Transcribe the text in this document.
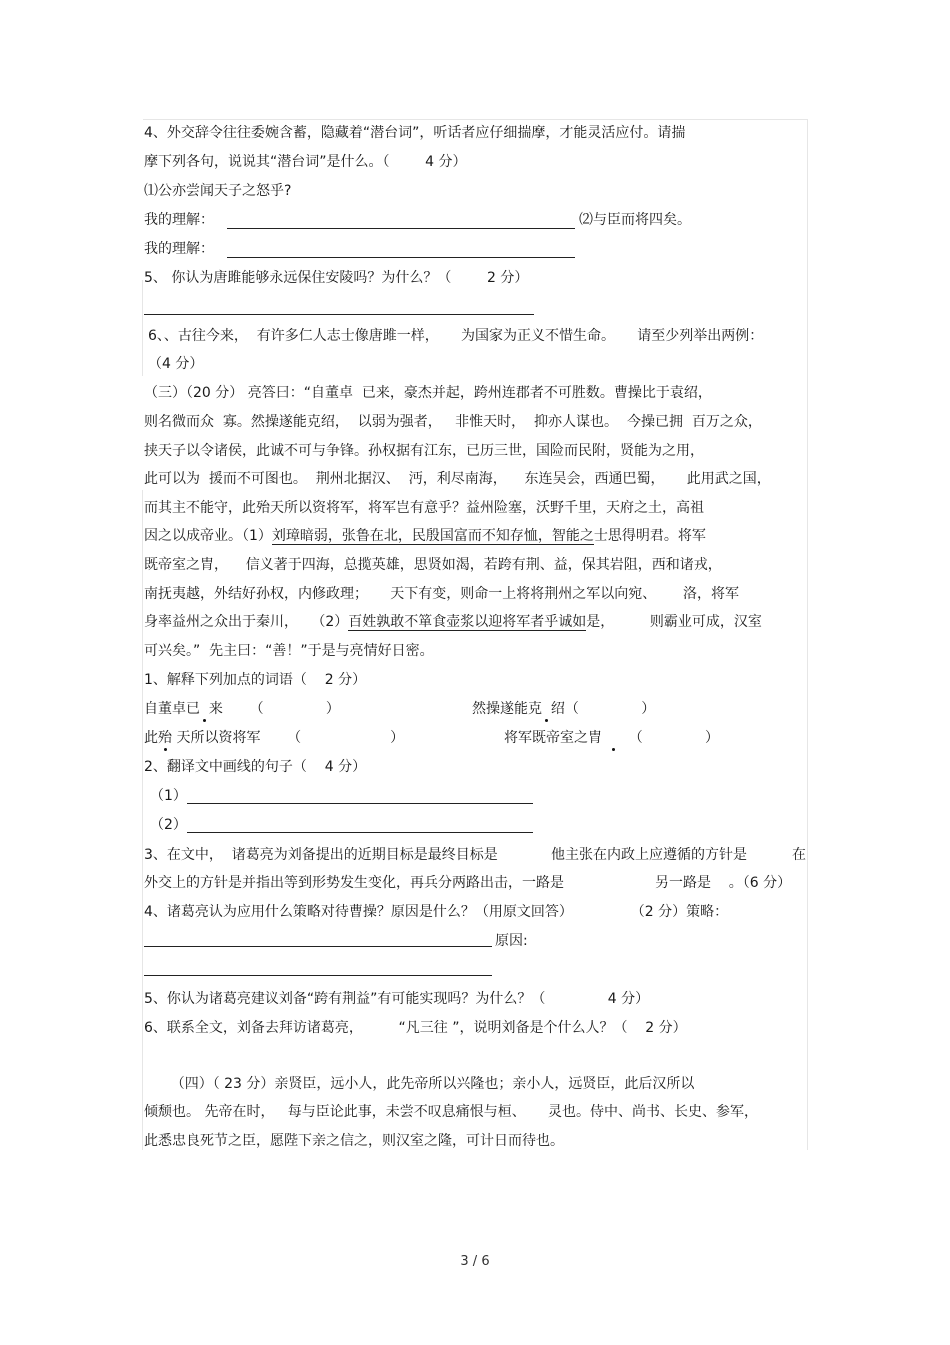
4、外交辞令往往委婉含蓄，隐藏着“潜台词”，听话者应仔细揣摩，才能灵活应付。请揣
摩下列各句，说说其“潜台词”是什么。（        4 分）
⑴公亦尝闻天子之怒乎?
我的理解：	⑵与臣而将四矣。
我的理解：
5、 你认为唐雎能够永远保住安陵吗？为什么？（        2 分）
6、、古往今来，  有许多仁人志士像唐雎一样，     为国家为正义不惜生命。     请至少列举出两例：
（4 分）
（三）（20 分） 亮答曰：“自董卓  已来，豪杰并起，跨州连郡者不可胜数。曹操比于袁绍，
则名微而众  寡。然操遂能克绍，  以弱为强者，   非惟天时，  抑亦人谋也。  今操已拥  百万之众，
挟天子以令诸侯，此诚不可与争锋。孙权据有江东，已历三世，国险而民附，贤能为之用，
此可以为  援而不可图也。  荆州北据汉、  沔，利尽南海，    东连吴会，西通巴蜀，     此用武之国，
而其主不能守，此殆天所以资将军，将军岂有意乎？益州险塞，沃野千里，天府之土，高祖
因之以成帝业。（1）刘璋暗弱，张鲁在北，民殷国富而不知存恤，智能之士思得明君。将军
既帝室之胄，    信义著于四海，总揽英雄，思贤如渴，若跨有荆、益，保其岩阻，西和诸戎，
南抚夷越，外结好孙权，内修政理；     天下有变，则命一上将将荆州之军以向宛、      洛，将军
身率益州之众出于秦川，   （2）百姓孰敢不箪食壶浆以迎将军者乎诚如是，        则霸业可成，汉室
可兴矣。”  先主曰：“善！”于是与亮情好日密。
1、解释下列加点的词语（    2 分）
自董卓已  来      （              ）	然操遂能克  绍（              ）
此殆 天所以资将军      （                    ）	将军既帝室之胄      （              ）
2、翻译文中画线的句子（    4 分）
（1）
（2）
3、在文中，  诸葛亮为刘备提出的近期目标是最终目标是	他主张在内政上应遵循的方针是	在
外交上的方针是并指出等到形势发生变化，再兵分两路出击，一路是	另一路是    。（6 分）
4、诸葛亮认为应用什么策略对待曹操？原因是什么？（用原文回答）             （2 分）策略：
原因:
5、你认为诸葛亮建议刘备“跨有荆益”有可能实现吗？为什么？（              4 分）
6、联系全文，刘备去拜访诸葛亮，        “凡三往 ”，说明刘备是个什么人？（    2 分）
（四）（ 23 分）亲贤臣，远小人，此先帝所以兴隆也；亲小人，远贤臣，此后汉所以
倾颓也。 先帝在时，   每与臣论此事，未尝不叹息痛恨与桓、     灵也。侍中、尚书、长史、参军，
此悉忠良死节之臣，愿陛下亲之信之，则汉室之隆，可计日而待也。
3 / 6
